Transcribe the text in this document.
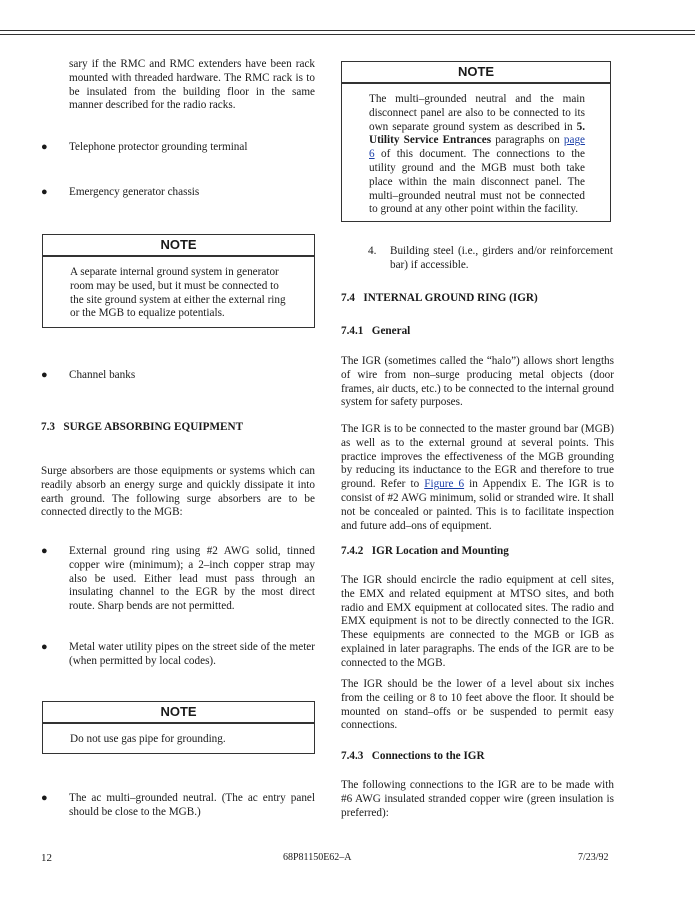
sary if the RMC and RMC extenders have been rack mounted with threaded hardware. The RMC rack is to be insulated from the building floor in the same manner described for the radio racks.

● Telephone protector grounding terminal
● Emergency generator chassis
NOTE

A separate internal ground system in generator room may be used, but it must be connected to the site ground system at either the external ring or the MGB to equalize potentials.

● Channel banks
7.3 SURGE ABSORBING EQUIPMENT

Surge absorbers are those equipments or systems which can readily absorb an energy surge and quickly dissipate it into earth ground. The following surge absorbers are to be connected directly to the MGB:

● External ground ring using #2 AWG solid, tinned copper wire (minimum); a 2–inch copper strap may also be used. Either lead must pass through an insulating channel to the EGR by the most direct route. Sharp bends are not permitted.
● Metal water utility pipes on the street side of the meter (when permitted by local codes).
NOTE

Do not use gas pipe for grounding.

● The ac multi–grounded neutral. (The ac entry panel should be close to the MGB.)
NOTE

The multi–grounded neutral and the main disconnect panel are also to be connected to its own separate ground system as described in 5. Utility Service Entrances paragraphs on page 6 of this document. The connections to the utility ground and the MGB must both take place within the main disconnect panel. The multi–grounded neutral must not be connected to ground at any other point within the facility.

4. Building steel (i.e., girders and/or reinforcement bar) if accessible.
7.4 INTERNAL GROUND RING (IGR)
7.4.1 General

The IGR (sometimes called the “halo”) allows short lengths of wire from non–surge producing metal objects (door frames, air ducts, etc.) to be connected to the internal ground system for safety purposes.

The IGR is to be connected to the master ground bar (MGB) as well as to the external ground at several points. This practice improves the effectiveness of the MGB grounding by reducing its inductance to the EGR and therefore to true ground. Refer to Figure 6 in Appendix E. The IGR is to consist of #2 AWG minimum, solid or stranded wire. It shall not be concealed or painted. This is to facilitate inspection and future add–ons of equipment.

7.4.2 IGR Location and Mounting

The IGR should encircle the radio equipment at cell sites, the EMX and related equipment at MTSO sites, and both radio and EMX equipment at collocated sites. The radio and EMX equipment is not to be directly connected to the IGR. These equipments are connected to the MGB or IGB as explained in later paragraphs. The ends of the IGR are to be connected to the MGB.

The IGR should be the lower of a level about six inches from the ceiling or 8 to 10 feet above the floor. It should be mounted on stand–offs or be suspended to permit easy connections.

7.4.3 Connections to the IGR

The following connections to the IGR are to be made with #6 AWG insulated stranded copper wire (green insulation is preferred):

12	68P81150E62–A	7/23/92
